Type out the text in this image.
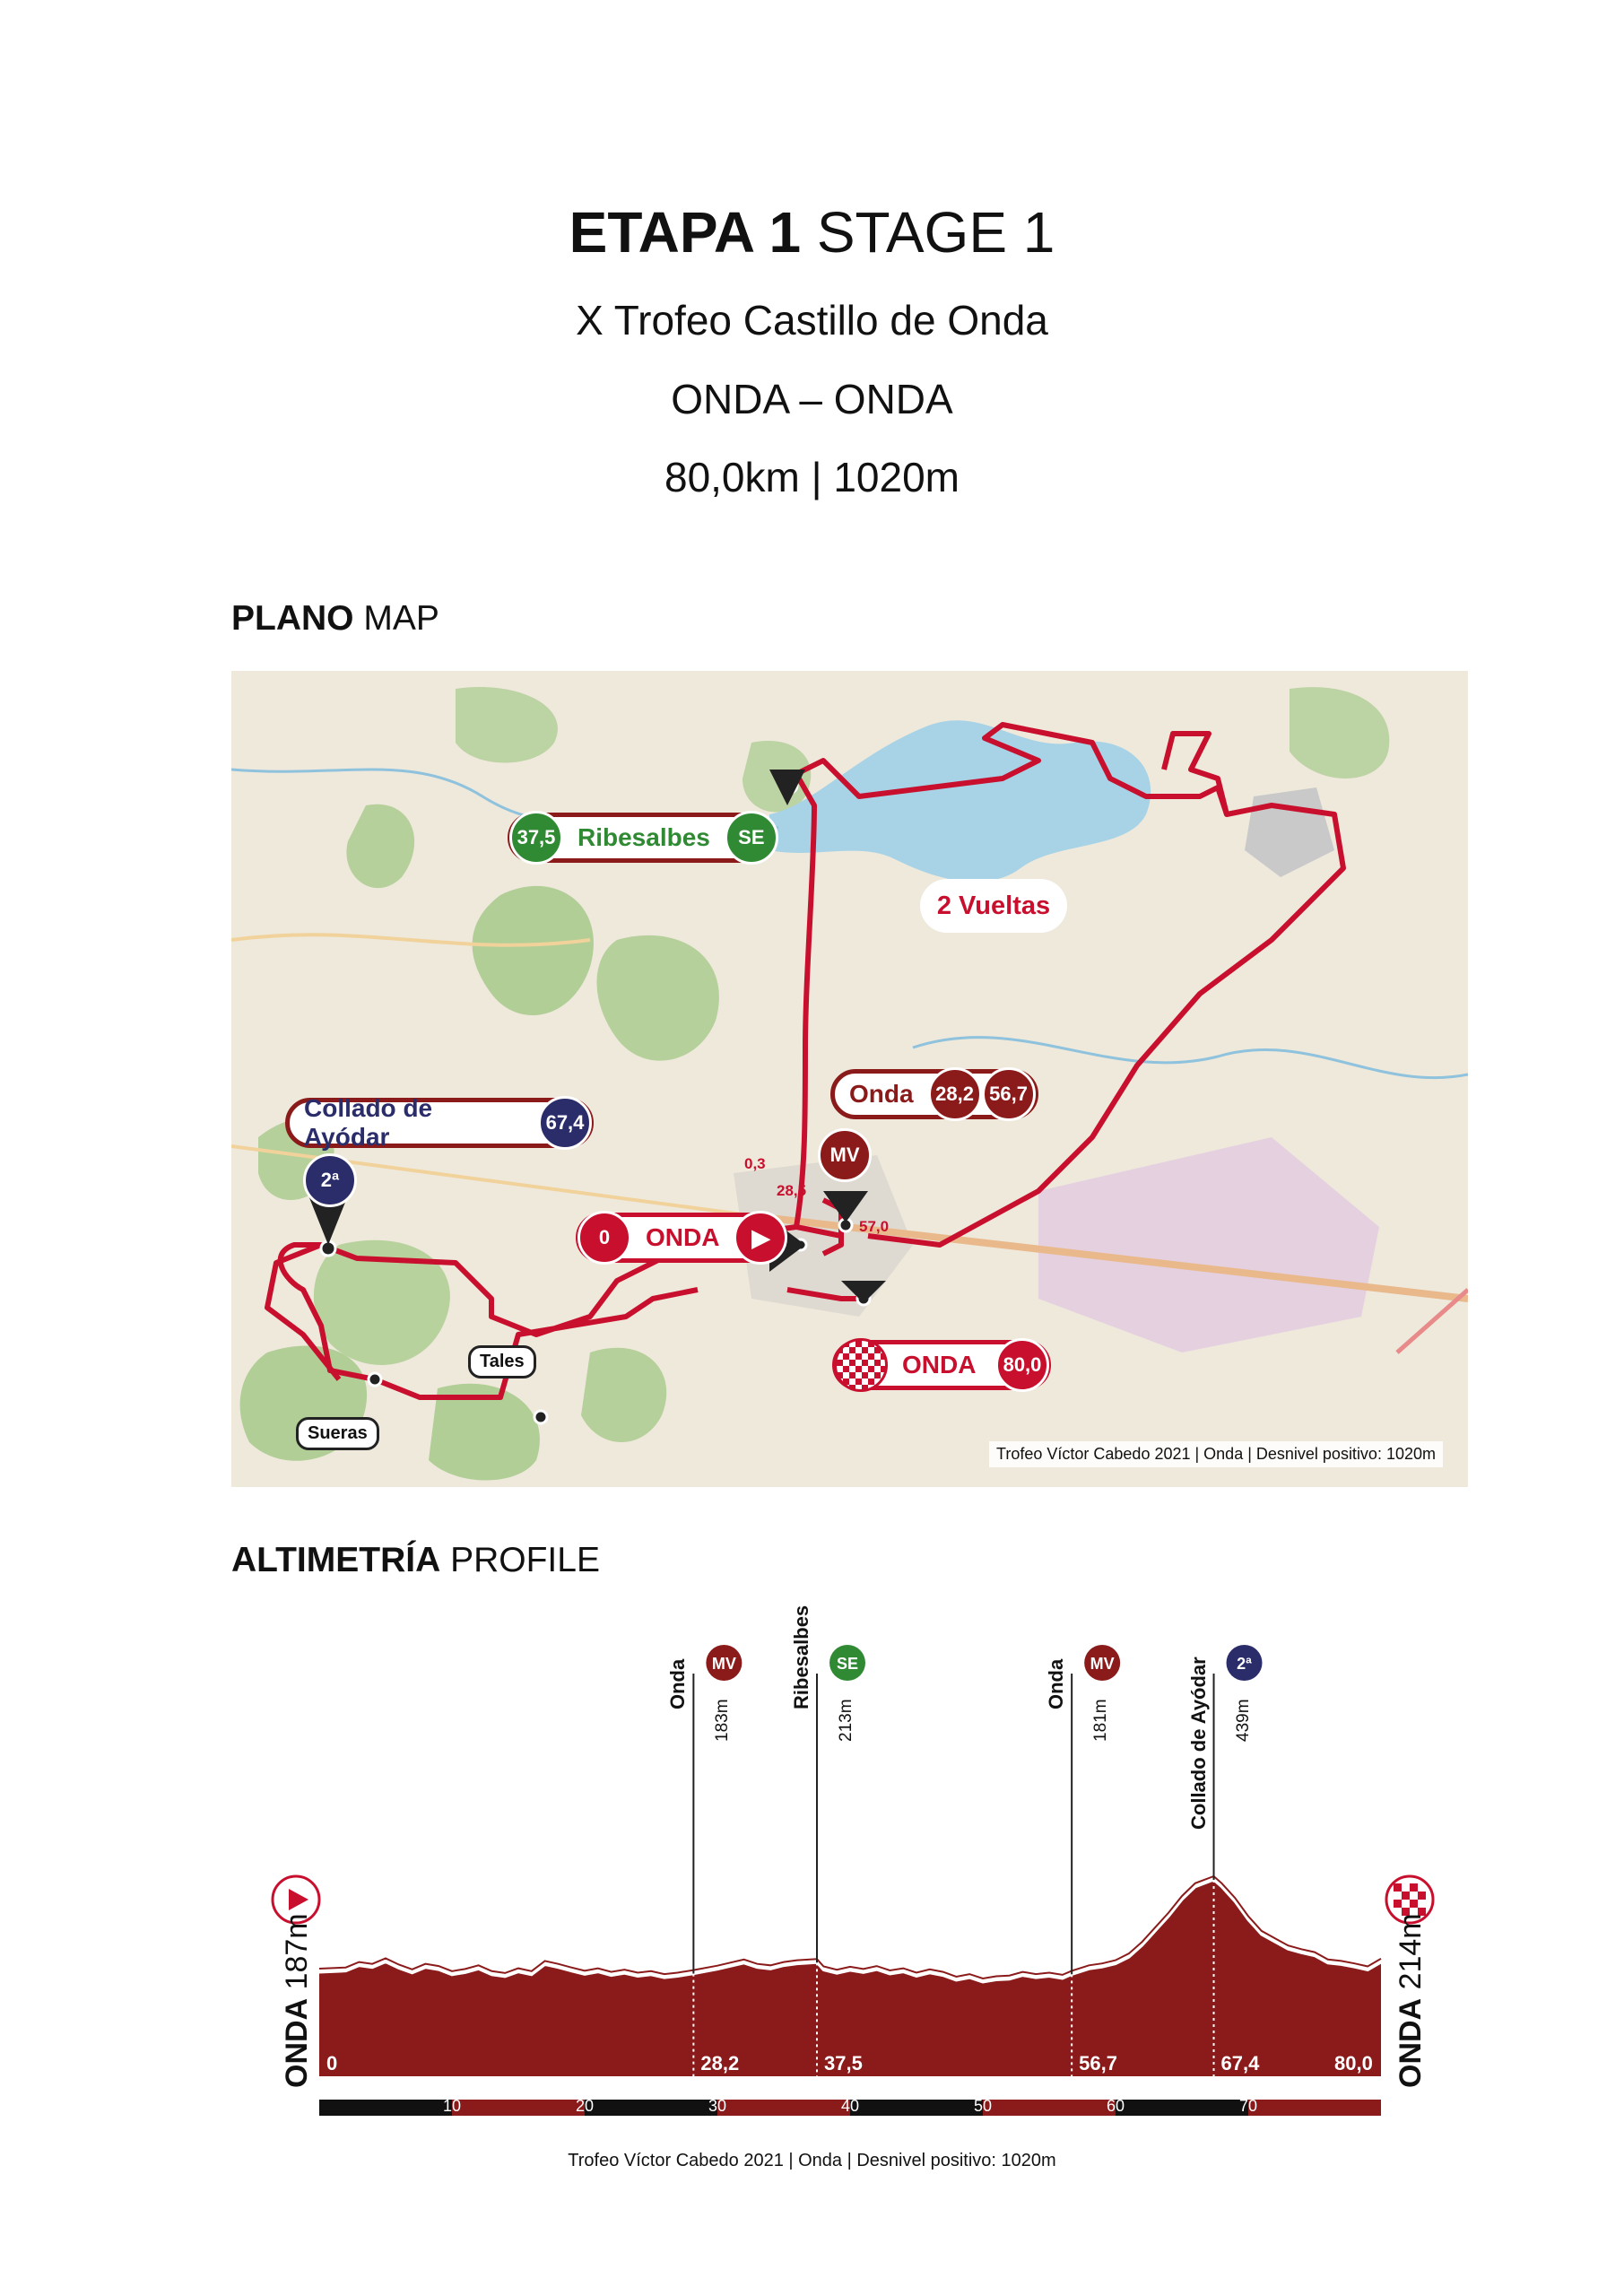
ETAPA 1 STAGE 1
X Trofeo Castillo de Onda
ONDA – ONDA
80,0km | 1020m
PLANO MAP
37,5 Ribesalbes	SE
2 Vueltas
Onda	28,2 56,7
MV
Collado de Ayódar
67,4
2ª
0	ONDA	▶
ONDA	80,0
0,3
28,5
57,0
Tales
Sueras
Trofeo Víctor Cabedo 2021 | Onda | Desnivel positivo: 1020m
ALTIMETRÍA PROFILE
MV	SE	MV	2ª
Onda
183m
Ribesalbes
213m
Onda
181m	Collado de Ayódar 439m
ONDA 187m
ONDA 214m
0	28,2	37,5	56,7	67,4	80,0
10	20	30	40	50	60	70
Trofeo Víctor Cabedo 2021 | Onda | Desnivel positivo: 1020m
